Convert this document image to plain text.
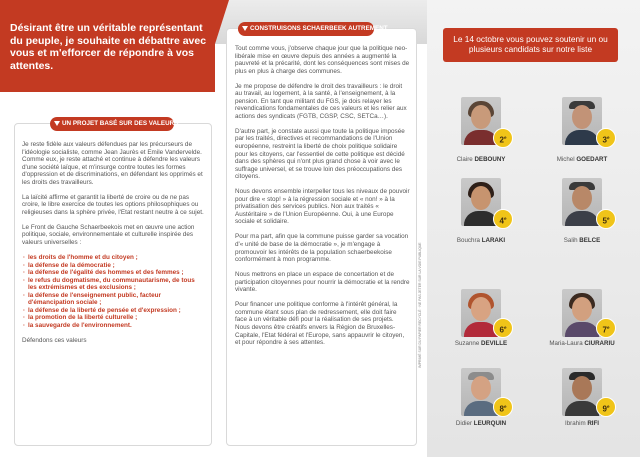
Désirant être un véritable représentant du peuple, je souhaite en débattre avec vous et m'efforcer de répondre à vos attentes.

UN PROJET BASÉ SUR DES VALEURS

Je reste fidèle aux valeurs défendues par les précurseurs de l'idéologie socialiste, comme Jean Jaurès et Emile Vandervelde. Comme eux, je reste attaché et continue à défendre les valeurs d'une société laïque, et m'insurge contre toutes les formes d'oppression et de discriminations, en défendant les opprimés et les droits des travailleurs.

La laïcité affirme et garantit la liberté de croire ou de ne pas croire, le libre exercice de toutes les options philosophiques ou religieuses dans la sphère privée, l'Etat restant neutre à ce sujet.

Le Front de Gauche Schaerbeekois met en œuvre une action politique, sociale, environnementale et culturelle inspirée des valeurs universelles :

· les droits de l'homme et du citoyen ;
· la défense de la démocratie ;
· la défense de l'égalité des hommes et des femmes ;
· le refus du dogmatisme, du communautarisme, de tous les extrémismes et des exclusions ;
· la défense de l'enseignement public, facteur d'émancipation sociale ;
· la défense de la liberté de pensée et d'expression ;
· la promotion de la liberté culturelle ;
· la sauvegarde de l'environnement.

Défendons ces valeurs

CONSTRUISONS SCHAERBEEK AUTREMENT.

Tout comme vous, j'observe chaque jour que la politique neo-libérale mise en œuvre depuis des années a augmenté la pauvreté et la précarité, dont les conséquences sont mises de plus en plus à charge des communes.

Je me propose de défendre le droit des travailleurs : le droit au travail, au logement, à la santé, à l'enseignement, à la pension. En tant que militant du FGS, je dois relayer les revendications fondamentales de ces valeurs et les relier aux actions des syndicats (FGTB, CGSP, CSC, SETCa…).

D'autre part, je constate aussi que toute la politique imposée par les traités, directives et recommandations de l'Union européenne, restreint la liberté de choix politique solidaire pour les citoyens, car l'essentiel de cette politique est décidé dans des sphères qui n'ont plus grand chose à voir avec le suffrage universel, et se trouve loin des préoccupations des citoyens.

Nous devons ensemble interpeller tous les niveaux de pouvoir pour dire « stop! » à la régression sociale et « non! » à la privatisation des services publics. Non aux traités « Austéritaire » de l'Union Européenne. Oui, à une Europe sociale et solidaire.

Pour ma part, afin que la commune puisse garder sa vocation d'« unité de base de la démocratie », je m'engage à promouvoir les intérêts de la population schaerbeekoise conformément à mon programme.

Nous mettrons en place un espace de concertation et de participation citoyennes pour nourrir la démocratie et la rendre vivante.

Pour financer une politique conforme à l'intérêt général, la commune étant sous plan de redressement, elle doit faire face à un véritable défi pour la réalisation de ses projets. Nous devons être créatifs envers la Région de Bruxelles-Capitale, l'Etat fédéral et l'Europe, sans appauvrir le citoyen, et pour répondre à ses attentes.	IMPRIMÉ SUR DU PAPIER RECYCLÉ · NE PAS JETER SUR LA VOIE PUBLIQUE

Le 14 octobre vous pouvez soutenir un ou plusieurs candidats sur notre liste

2e
Claire DEBOUNY
3e
Michel GOEDART
4e
Bouchra LARAKI
5e
Salih BELCE
6e
Suzanne DEVILLE
7e
Maria-Laura CIURARIU
8e
Didier LEURQUIN
9e
Ibrahim RIFI
